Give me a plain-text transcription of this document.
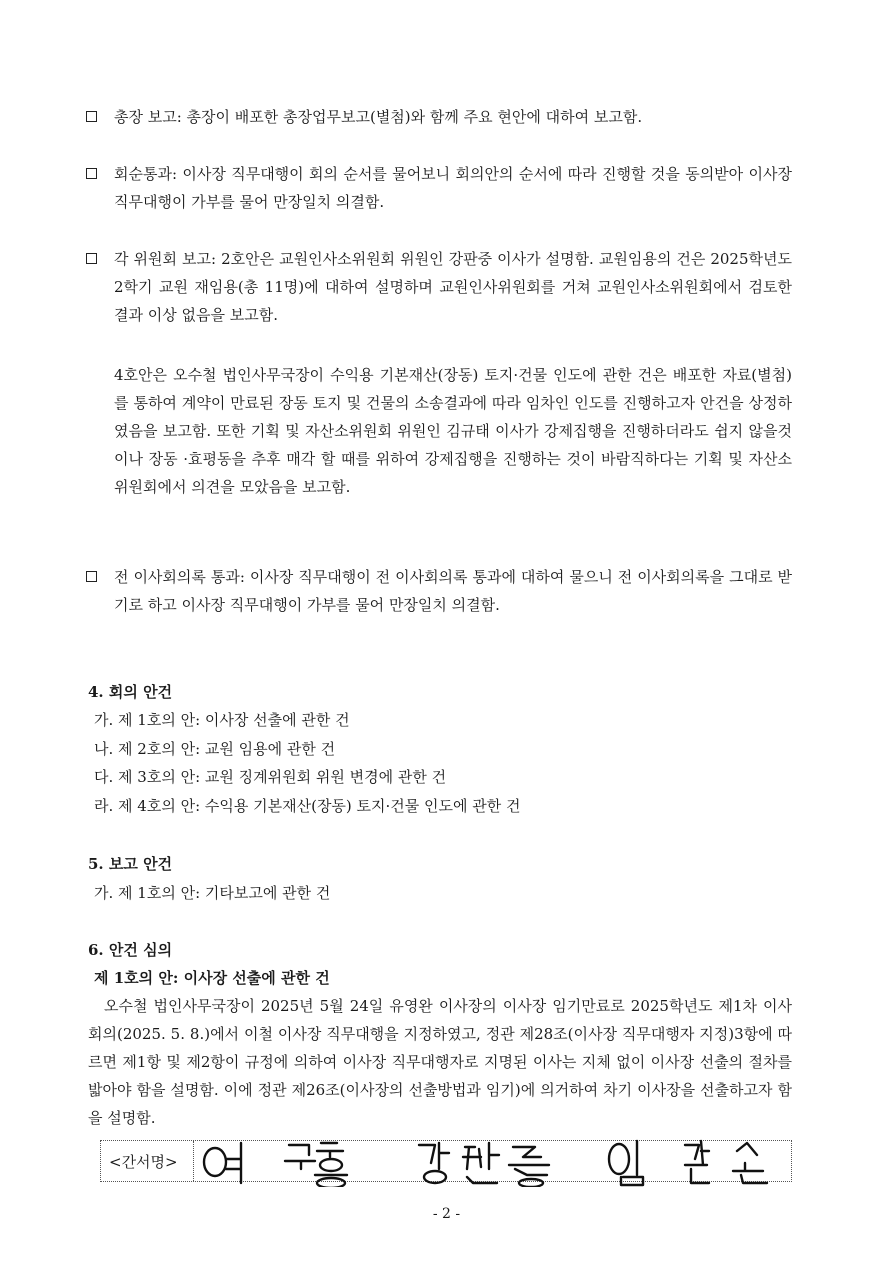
총장 보고: 총장이 배포한 총장업무보고(별첨)와 함께 주요 현안에 대하여 보고함.
회순통과: 이사장 직무대행이 회의 순서를 물어보니 회의안의 순서에 따라 진행할 것을 동의받아 이사장 직무대행이 가부를 물어 만장일치 의결함.
각 위원회 보고: 2호안은 교원인사소위원회 위원인 강판중 이사가 설명함. 교원임용의 건은 2025학년도 2학기 교원 재임용(총 11명)에 대하여 설명하며 교원인사위원회를 거쳐 교원인사소위원회에서 검토한 결과 이상 없음을 보고함.
4호안은 오수철 법인사무국장이 수익용 기본재산(장동) 토지·건물 인도에 관한 건은 배포한 자료(별첨)를 통하여 계약이 만료된 장동 토지 및 건물의 소송결과에 따라 임차인 인도를 진행하고자 안건을 상정하였음을 보고함. 또한 기획 및 자산소위원회 위원인 김규태 이사가 강제집행을 진행하더라도 쉽지 않을것이나 장동 ·효평동을 추후 매각 할 때를 위하여 강제집행을 진행하는 것이 바람직하다는 기획 및 자산소위원회에서 의견을 모았음을 보고함.
전 이사회의록 통과: 이사장 직무대행이 전 이사회의록 통과에 대하여 물으니 전 이사회의록을 그대로 받기로 하고 이사장 직무대행이 가부를 물어 만장일치 의결함.
4. 회의 안건
가. 제 1호의 안: 이사장 선출에 관한 건
나. 제 2호의 안: 교원 임용에 관한 건
다. 제 3호의 안: 교원 징계위원회 위원 변경에 관한 건
라. 제 4호의 안: 수익용 기본재산(장동) 토지·건물 인도에 관한 건
5. 보고 안건
가. 제 1호의 안: 기타보고에 관한 건
6. 안건 심의
제 1호의 안: 이사장 선출에 관한 건
오수철 법인사무국장이 2025년 5월 24일 유영완 이사장의 이사장 임기만료로 2025학년도 제1차 이사회의(2025. 5. 8.)에서 이철 이사장 직무대행을 지정하였고, 정관 제28조(이사장 직무대행자 지정)3항에 따르면 제1항 및 제2항이 규정에 의하여 이사장 직무대행자로 지명된 이사는 지체 없이 이사장 선출의 절차를 밟아야 함을 설명함. 이에 정관 제26조(이사장의 선출방법과 임기)에 의거하여 차기 이사장을 선출하고자 함을 설명함.
<간서명>
- 2 -
